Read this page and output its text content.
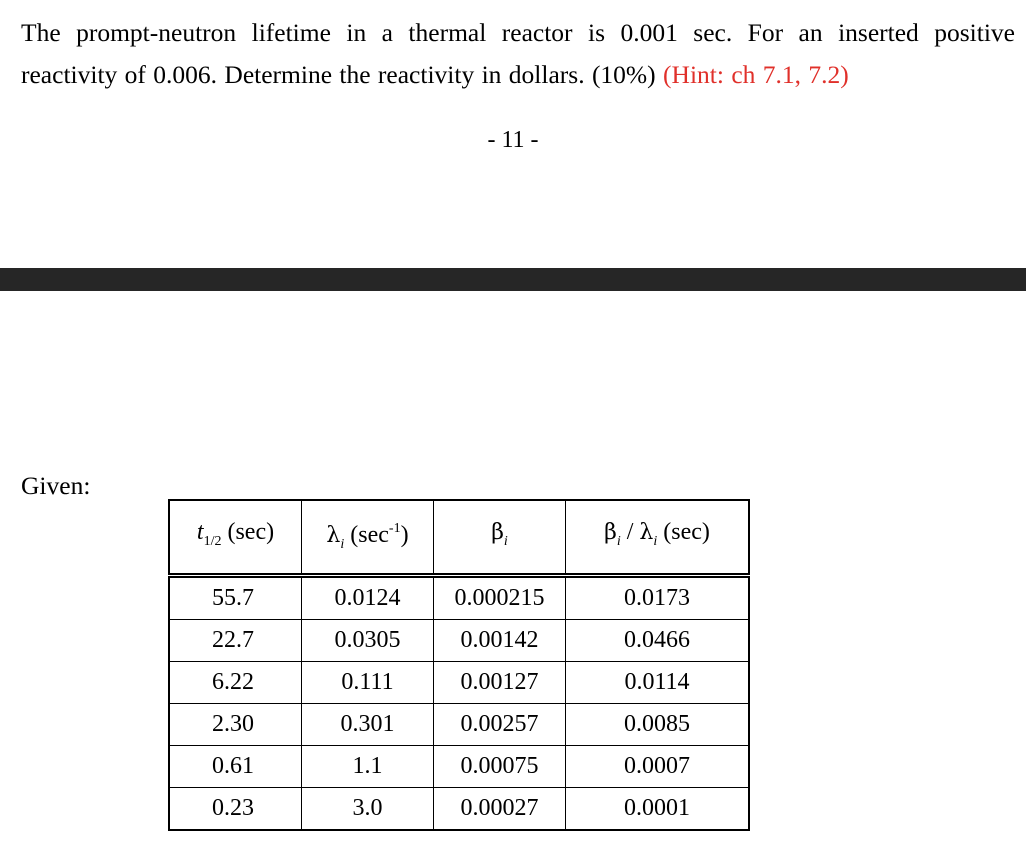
The prompt-neutron lifetime in a thermal reactor is 0.001 sec. For an inserted positive
reactivity of 0.006. Determine the reactivity in dollars. (10%) (Hint: ch 7.1, 7.2)
- 11 -
Given:
$t_{1/2}$ (sec)	$\lambda_i$ $(\sec^{-1})$	$\beta_i$	$\beta_i / \lambda_i$ (sec)
55.7	0.0124	0.000215	0.0173
22.7	0.0305	0.00142	0.0466
6.22	0.111	0.00127	0.0114
2.30	0.301	0.00257	0.0085
0.61	1.1	0.00075	0.0007
0.23	3.0	0.00027	0.0001
